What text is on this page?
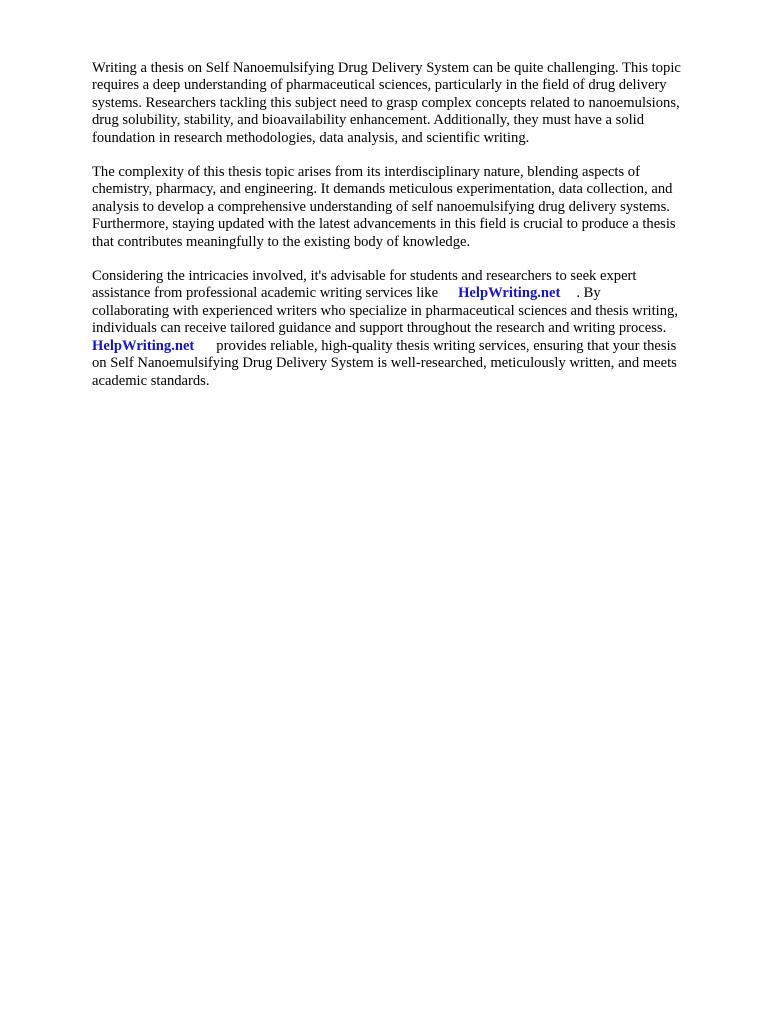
Writing a thesis on Self Nanoemulsifying Drug Delivery System can be quite challenging. This topic
requires a deep understanding of pharmaceutical sciences, particularly in the field of drug delivery
systems. Researchers tackling this subject need to grasp complex concepts related to nanoemulsions,
drug solubility, stability, and bioavailability enhancement. Additionally, they must have a solid
foundation in research methodologies, data analysis, and scientific writing.

The complexity of this thesis topic arises from its interdisciplinary nature, blending aspects of
chemistry, pharmacy, and engineering. It demands meticulous experimentation, data collection, and
analysis to develop a comprehensive understanding of self nanoemulsifying drug delivery systems.
Furthermore, staying updated with the latest advancements in this field is crucial to produce a thesis
that contributes meaningfully to the existing body of knowledge.

Considering the intricacies involved, it's advisable for students and researchers to seek expert
assistance from professional academic writing services like HelpWriting.net . By
collaborating with experienced writers who specialize in pharmaceutical sciences and thesis writing,
individuals can receive tailored guidance and support throughout the research and writing process.
HelpWriting.net provides reliable, high-quality thesis writing services, ensuring that your thesis
on Self Nanoemulsifying Drug Delivery System is well-researched, meticulously written, and meets
academic standards.
